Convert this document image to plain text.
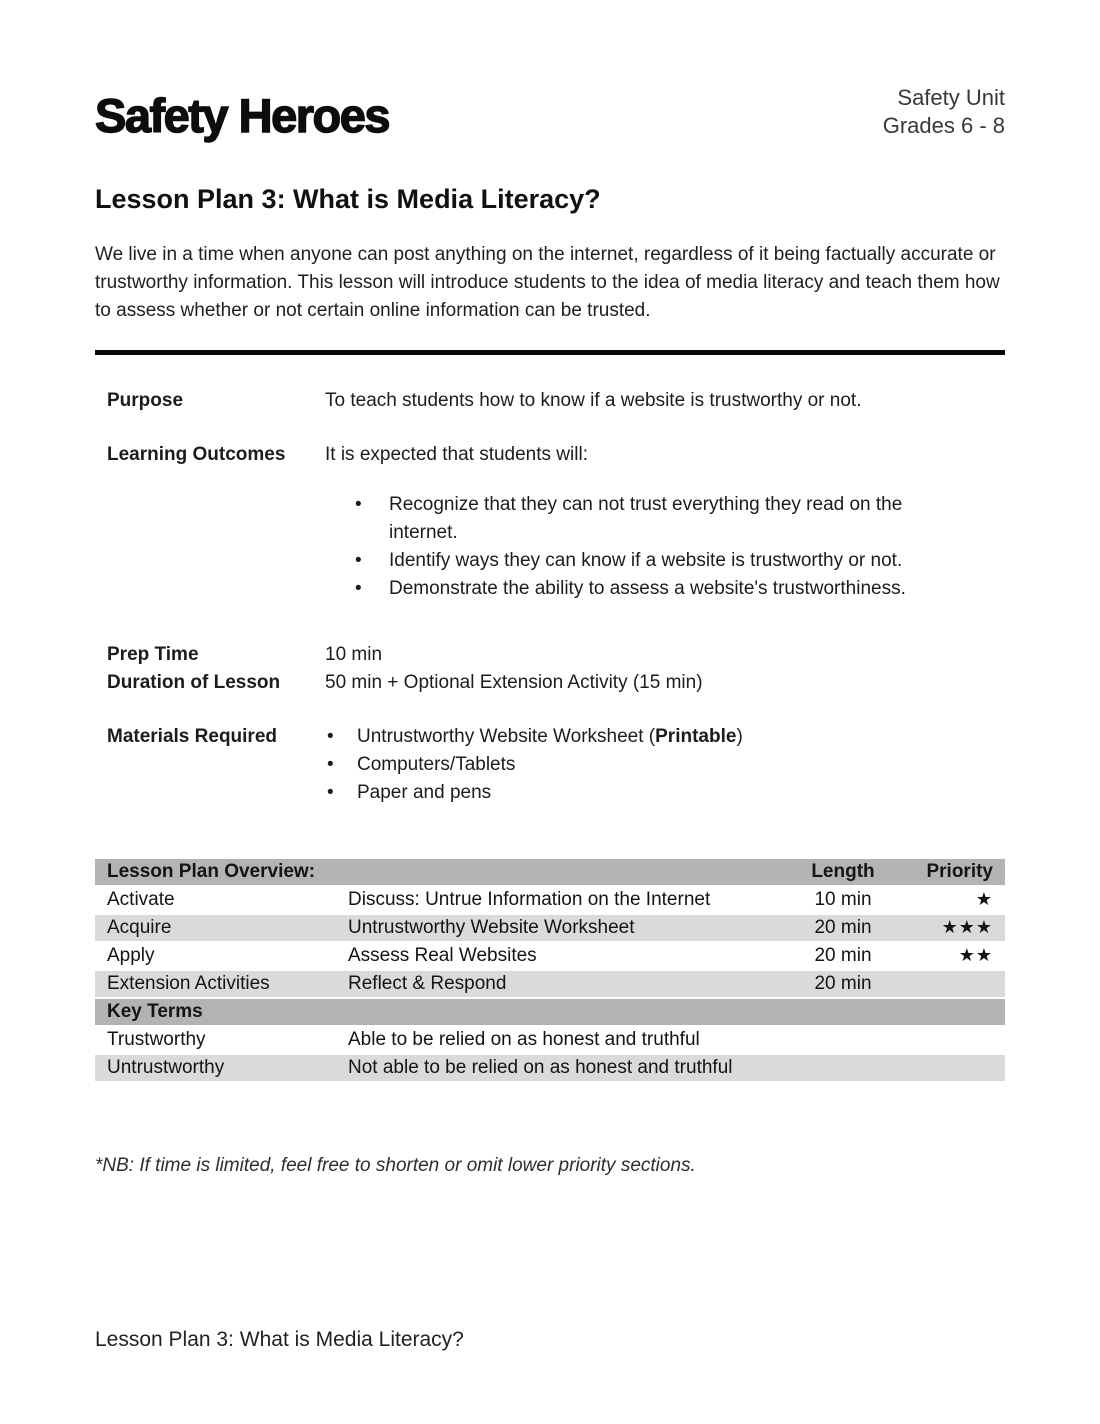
Safety Heroes	Safety Unit
Grades 6 - 8
Lesson Plan 3: What is Media Literacy?

We live in a time when anyone can post anything on the internet, regardless of it being factually accurate or trustworthy information. This lesson will introduce students to the idea of media literacy and teach them how to assess whether or not certain online information can be trusted.

Purpose	To teach students how to know if a website is trustworthy or not.
Learning Outcomes	It is expected that students will:
• Recognize that they can not trust everything they read on the internet.
• Identify ways they can know if a website is trustworthy or not.
• Demonstrate the ability to assess a website's trustworthiness.
Prep Time	10 min
Duration of Lesson	50 min + Optional Extension Activity (15 min)
Materials Required	• Untrustworthy Website Worksheet (Printable)
• Computers/Tablets
• Paper and pens
Lesson Plan Overview:		Length	Priority
Activate	Discuss: Untrue Information on the Internet	10 min	★
Acquire	Untrustworthy Website Worksheet	20 min	★★★
Apply	Assess Real Websites	20 min	★★
Extension Activities	Reflect & Respond	20 min	
Key Terms			
Trustworthy	Able to be relied on as honest and truthful		
Untrustworthy	Not able to be relied on as honest and truthful		
*NB: If time is limited, feel free to shorten or omit lower priority sections.
Lesson Plan 3: What is Media Literacy?
